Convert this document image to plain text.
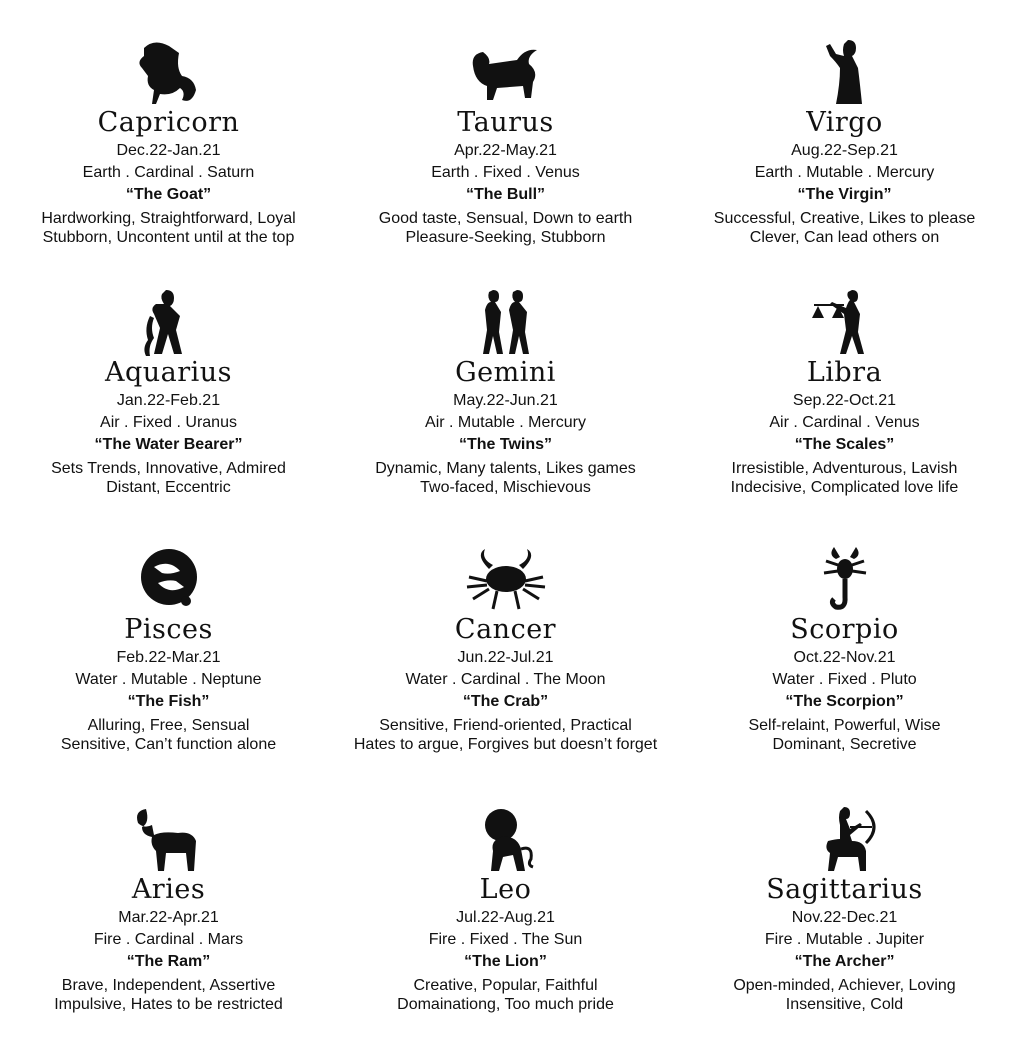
Capricorn
Dec.22-Jan.21
Earth . Cardinal . Saturn
“The Goat”
Hardworking, Straightforward, Loyal
Stubborn, Uncontent until at the top
Taurus
Apr.22-May.21
Earth . Fixed . Venus
“The Bull”
Good taste, Sensual, Down to earth
Pleasure-Seeking, Stubborn
Virgo
Aug.22-Sep.21
Earth . Mutable . Mercury
“The Virgin”
Successful, Creative, Likes to please
Clever, Can lead others on
Aquarius
Jan.22-Feb.21
Air . Fixed . Uranus
“The Water Bearer”
Sets Trends, Innovative, Admired
Distant, Eccentric
Gemini
May.22-Jun.21
Air . Mutable . Mercury
“The Twins”
Dynamic, Many talents, Likes games
Two-faced, Mischievous
Libra
Sep.22-Oct.21
Air . Cardinal . Venus
“The Scales”
Irresistible, Adventurous, Lavish
Indecisive, Complicated love life
Pisces
Feb.22-Mar.21
Water . Mutable . Neptune
“The Fish”
Alluring, Free, Sensual
Sensitive, Can’t function alone
Cancer
Jun.22-Jul.21
Water . Cardinal . The Moon
“The Crab”
Sensitive, Friend-oriented, Practical
Hates to argue, Forgives but doesn’t forget
Scorpio
Oct.22-Nov.21
Water . Fixed . Pluto
“The Scorpion”
Self-relaint, Powerful, Wise
Dominant, Secretive
Aries
Mar.22-Apr.21
Fire . Cardinal . Mars
“The Ram”
Brave, Independent, Assertive
Impulsive, Hates to be restricted
Leo
Jul.22-Aug.21
Fire . Fixed . The Sun
“The Lion”
Creative, Popular, Faithful
Domainationg, Too much pride
Sagittarius
Nov.22-Dec.21
Fire . Mutable . Jupiter
“The Archer”
Open-minded, Achiever, Loving
Insensitive, Cold
